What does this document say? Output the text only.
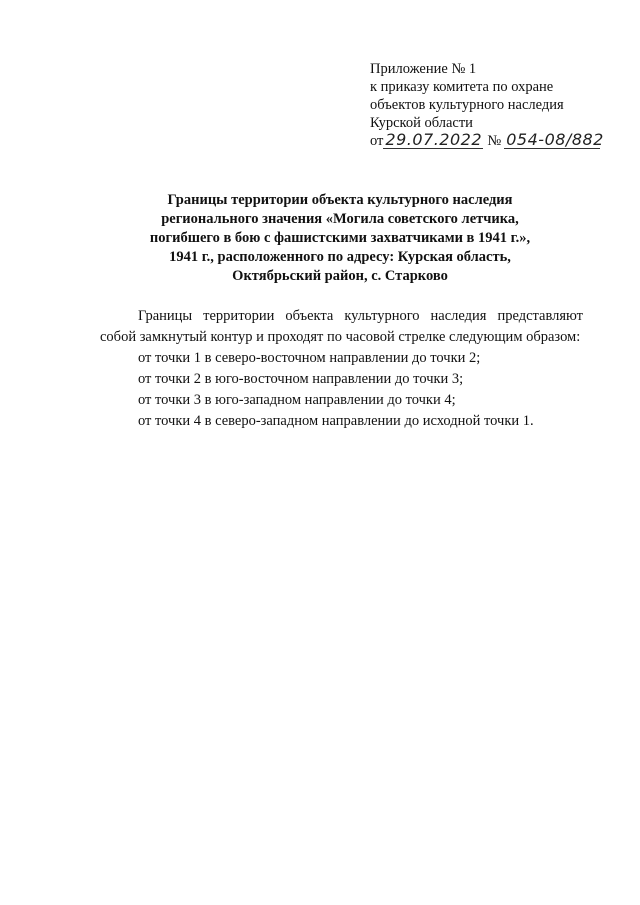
Приложение № 1
к приказу комитета по охране
объектов культурного наследия
Курской области
от 29.07.2022 № 054-08/882
Границы территории объекта культурного наследия
регионального значения «Могила советского летчика,
погибшего в бою с фашистскими захватчиками в 1941 г.»,
1941 г., расположенного по адресу: Курская область,
Октябрьский район, с. Старково

Границы территории объекта культурного наследия представляют собой замкнутый контур и проходят по часовой стрелке следующим образом:

от точки 1 в северо-восточном направлении до точки 2;
от точки 2 в юго-восточном направлении до точки 3;
от точки 3 в юго-западном направлении до точки 4;
от точки 4 в северо-западном направлении до исходной точки 1.
